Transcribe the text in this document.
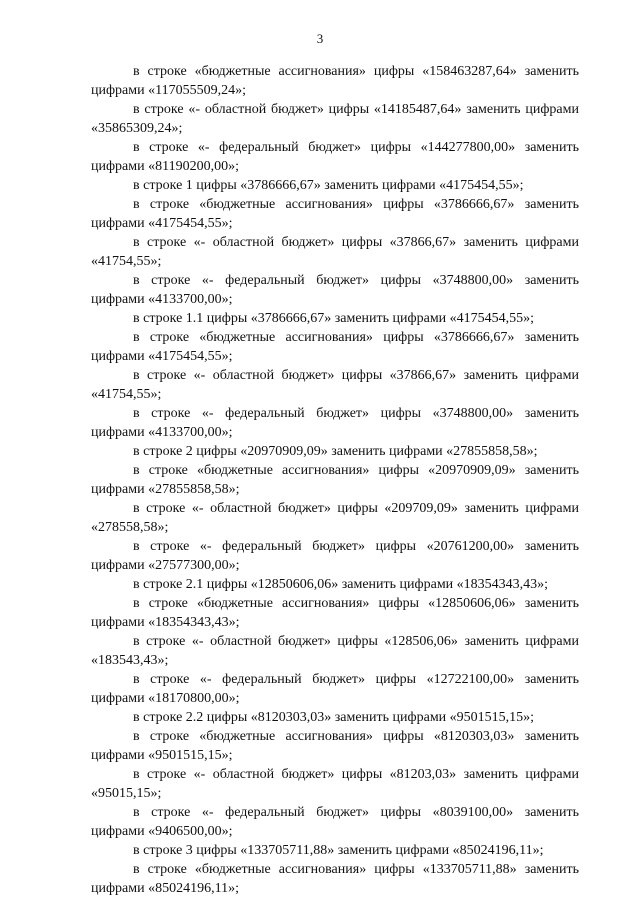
3

в строке «бюджетные ассигнования» цифры «158463287,64» заменить цифрами «117055509,24»;

в строке «- областной бюджет» цифры «14185487,64» заменить цифрами «35865309,24»;

в строке «- федеральный бюджет» цифры «144277800,00» заменить цифрами «81190200,00»;

в строке 1 цифры «3786666,67» заменить цифрами «4175454,55»;

в строке «бюджетные ассигнования» цифры «3786666,67» заменить цифрами «4175454,55»;

в строке «- областной бюджет» цифры «37866,67» заменить цифрами «41754,55»;

в строке «- федеральный бюджет» цифры «3748800,00» заменить цифрами «4133700,00»;

в строке 1.1 цифры «3786666,67» заменить цифрами «4175454,55»;

в строке «бюджетные ассигнования» цифры «3786666,67» заменить цифрами «4175454,55»;

в строке «- областной бюджет» цифры «37866,67» заменить цифрами «41754,55»;

в строке «- федеральный бюджет» цифры «3748800,00» заменить цифрами «4133700,00»;

в строке 2 цифры «20970909,09» заменить цифрами «27855858,58»;

в строке «бюджетные ассигнования» цифры «20970909,09» заменить цифрами «27855858,58»;

в строке «- областной бюджет» цифры «209709,09» заменить цифрами «278558,58»;

в строке «- федеральный бюджет» цифры «20761200,00» заменить цифрами «27577300,00»;

в строке 2.1 цифры «12850606,06» заменить цифрами «18354343,43»;

в строке «бюджетные ассигнования» цифры «12850606,06» заменить цифрами «18354343,43»;

в строке «- областной бюджет» цифры «128506,06» заменить цифрами «183543,43»;

в строке «- федеральный бюджет» цифры «12722100,00» заменить цифрами «18170800,00»;

в строке 2.2 цифры «8120303,03» заменить цифрами «9501515,15»;

в строке «бюджетные ассигнования» цифры «8120303,03» заменить цифрами «9501515,15»;

в строке «- областной бюджет» цифры «81203,03» заменить цифрами «95015,15»;

в строке «- федеральный бюджет» цифры «8039100,00» заменить цифрами «9406500,00»;

в строке 3 цифры «133705711,88» заменить цифрами «85024196,11»;

в строке «бюджетные ассигнования» цифры «133705711,88» заменить цифрами «85024196,11»;
